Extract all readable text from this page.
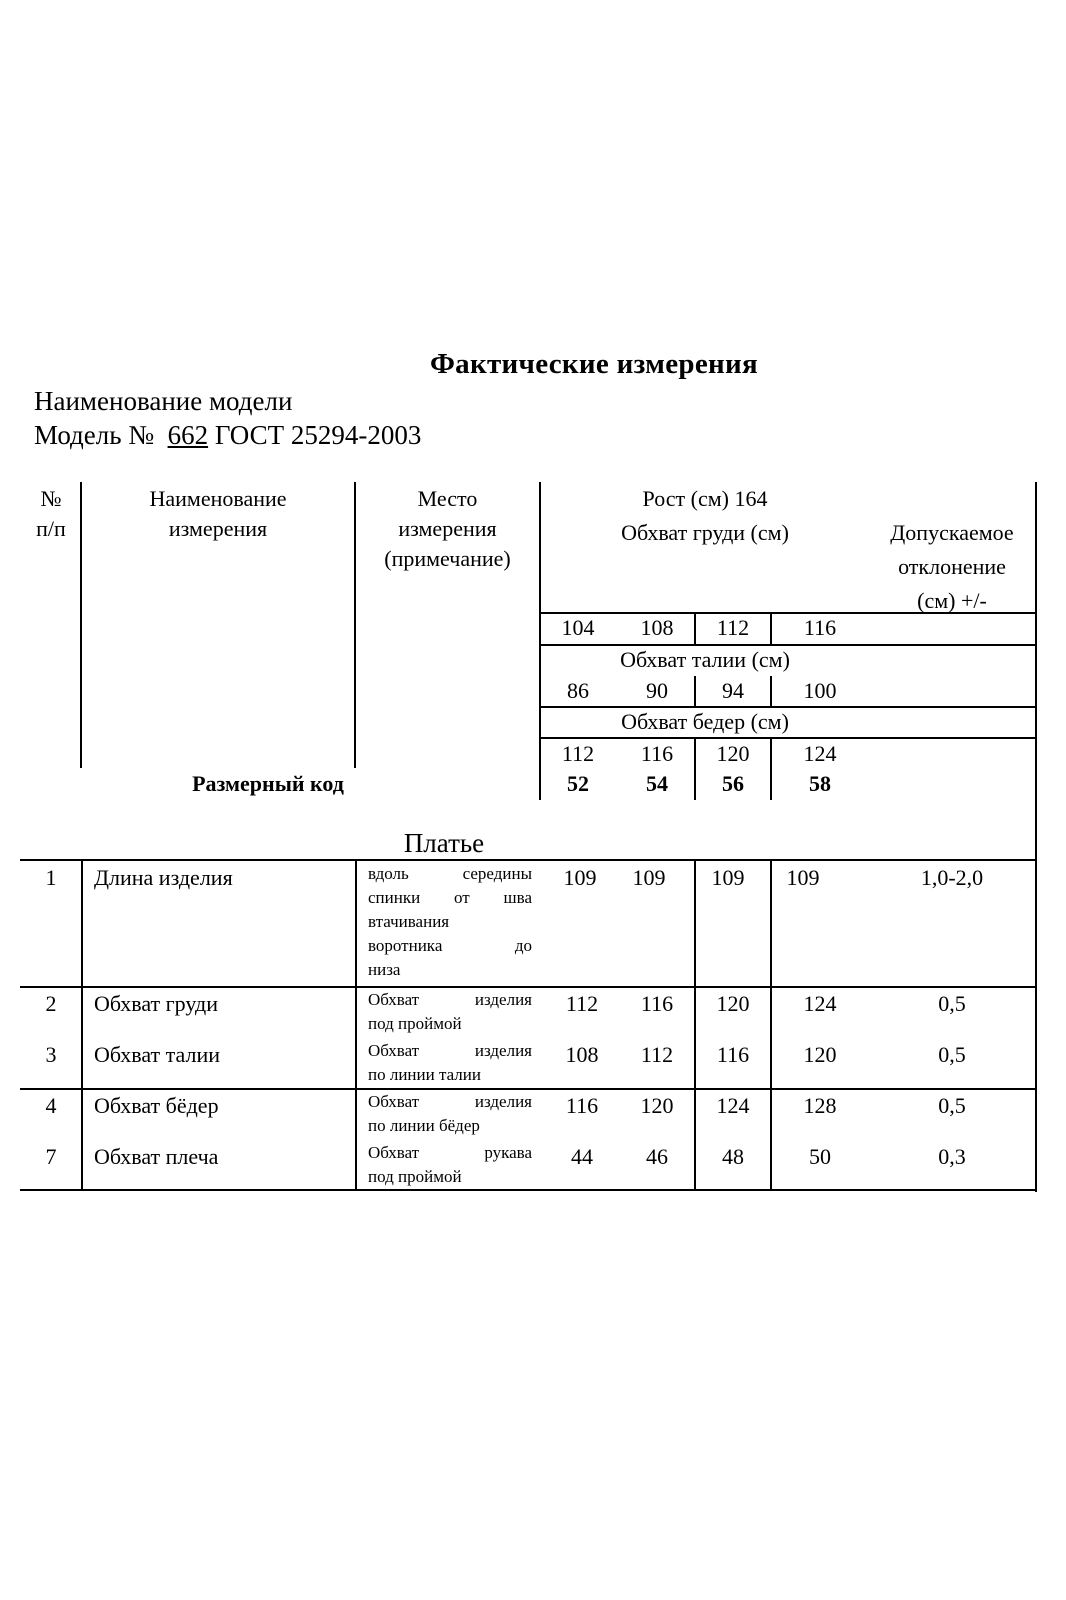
Фактические измерения
Наименование модели
Модель № 662 ГОСТ 25294-2003
№
п/п
Наименование
измерения
Место
измерения
(примечание)
Рост (см) 164
Обхват груди (см)	Допускаемое
отклонение
(см) +/-
104	108	112	116
Обхват талии (см)
86	90	94	100
Обхват бедер (см)
112	116	120	124
Размерный код	52	54	56	58
Платье
1	Длина изделия	вдоль середины
спинки от шва
втачивания
воротника до
низа
109	109	109	109	1,0-2,0
2	Обхват груди	Обхват изделия
под проймой
112	116	120	124	0,5
3	Обхват талии	Обхват изделия
по линии талии
108	112	116	120	0,5
4	Обхват бёдер	Обхват изделия
по линии бёдер
116	120	124	128	0,5
7	Обхват плеча	Обхват рукава
под проймой
44	46	48	50	0,3
